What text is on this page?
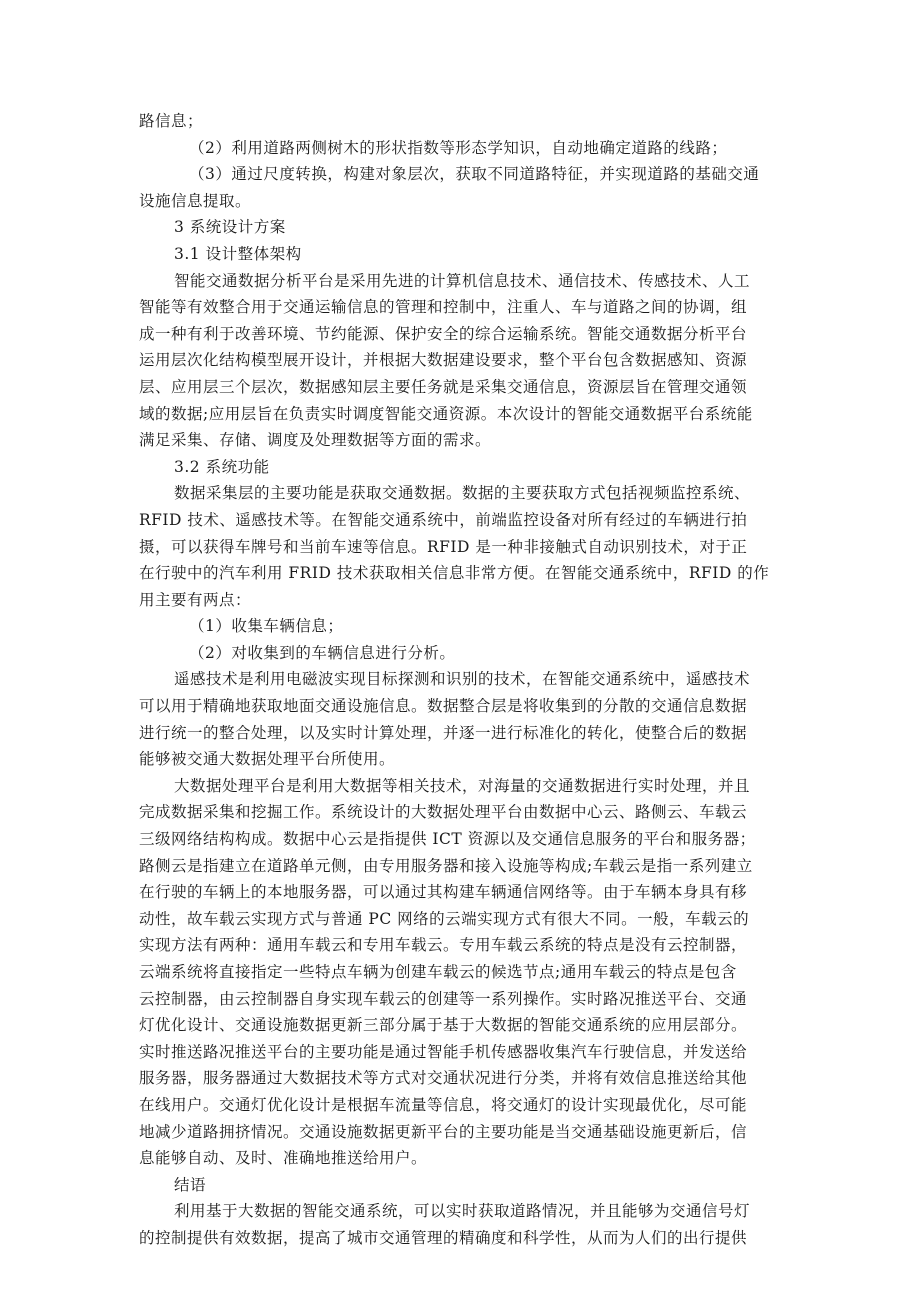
路信息；
（2）利用道路两侧树木的形状指数等形态学知识，自动地确定道路的线路；
（3）通过尺度转换，构建对象层次，获取不同道路特征，并实现道路的基础交通
设施信息提取。
3 系统设计方案
3.1 设计整体架构
智能交通数据分析平台是采用先进的计算机信息技术、通信技术、传感技术、人工
智能等有效整合用于交通运输信息的管理和控制中，注重人、车与道路之间的协调，组
成一种有利于改善环境、节约能源、保护安全的综合运输系统。智能交通数据分析平台
运用层次化结构模型展开设计，并根据大数据建设要求，整个平台包含数据感知、资源
层、应用层三个层次，数据感知层主要任务就是采集交通信息，资源层旨在管理交通领
域的数据;应用层旨在负责实时调度智能交通资源。本次设计的智能交通数据平台系统能
满足采集、存储、调度及处理数据等方面的需求。
3.2 系统功能
数据采集层的主要功能是获取交通数据。数据的主要获取方式包括视频监控系统、
RFID 技术、遥感技术等。在智能交通系统中，前端监控设备对所有经过的车辆进行拍
摄，可以获得车牌号和当前车速等信息。RFID 是一种非接触式自动识别技术，对于正
在行驶中的汽车利用 FRID 技术获取相关信息非常方便。在智能交通系统中，RFID 的作
用主要有两点：
（1）收集车辆信息；
（2）对收集到的车辆信息进行分析。
遥感技术是利用电磁波实现目标探测和识别的技术，在智能交通系统中，遥感技术
可以用于精确地获取地面交通设施信息。数据整合层是将收集到的分散的交通信息数据
进行统一的整合处理，以及实时计算处理，并逐一进行标准化的转化，使整合后的数据
能够被交通大数据处理平台所使用。
大数据处理平台是利用大数据等相关技术，对海量的交通数据进行实时处理，并且
完成数据采集和挖掘工作。系统设计的大数据处理平台由数据中心云、路侧云、车载云
三级网络结构构成。数据中心云是指提供 ICT 资源以及交通信息服务的平台和服务器；
路侧云是指建立在道路单元侧，由专用服务器和接入设施等构成;车载云是指一系列建立
在行驶的车辆上的本地服务器，可以通过其构建车辆通信网络等。由于车辆本身具有移
动性，故车载云实现方式与普通 PC 网络的云端实现方式有很大不同。一般，车载云的
实现方法有两种：通用车载云和专用车载云。专用车载云系统的特点是没有云控制器，
云端系统将直接指定一些特点车辆为创建车载云的候选节点;通用车载云的特点是包含
云控制器，由云控制器自身实现车载云的创建等一系列操作。实时路况推送平台、交通
灯优化设计、交通设施数据更新三部分属于基于大数据的智能交通系统的应用层部分。
实时推送路况推送平台的主要功能是通过智能手机传感器收集汽车行驶信息，并发送给
服务器，服务器通过大数据技术等方式对交通状况进行分类，并将有效信息推送给其他
在线用户。交通灯优化设计是根据车流量等信息，将交通灯的设计实现最优化，尽可能
地减少道路拥挤情况。交通设施数据更新平台的主要功能是当交通基础设施更新后，信
息能够自动、及时、准确地推送给用户。
结语
利用基于大数据的智能交通系统，可以实时获取道路情况，并且能够为交通信号灯
的控制提供有效数据，提高了城市交通管理的精确度和科学性，从而为人们的出行提供
